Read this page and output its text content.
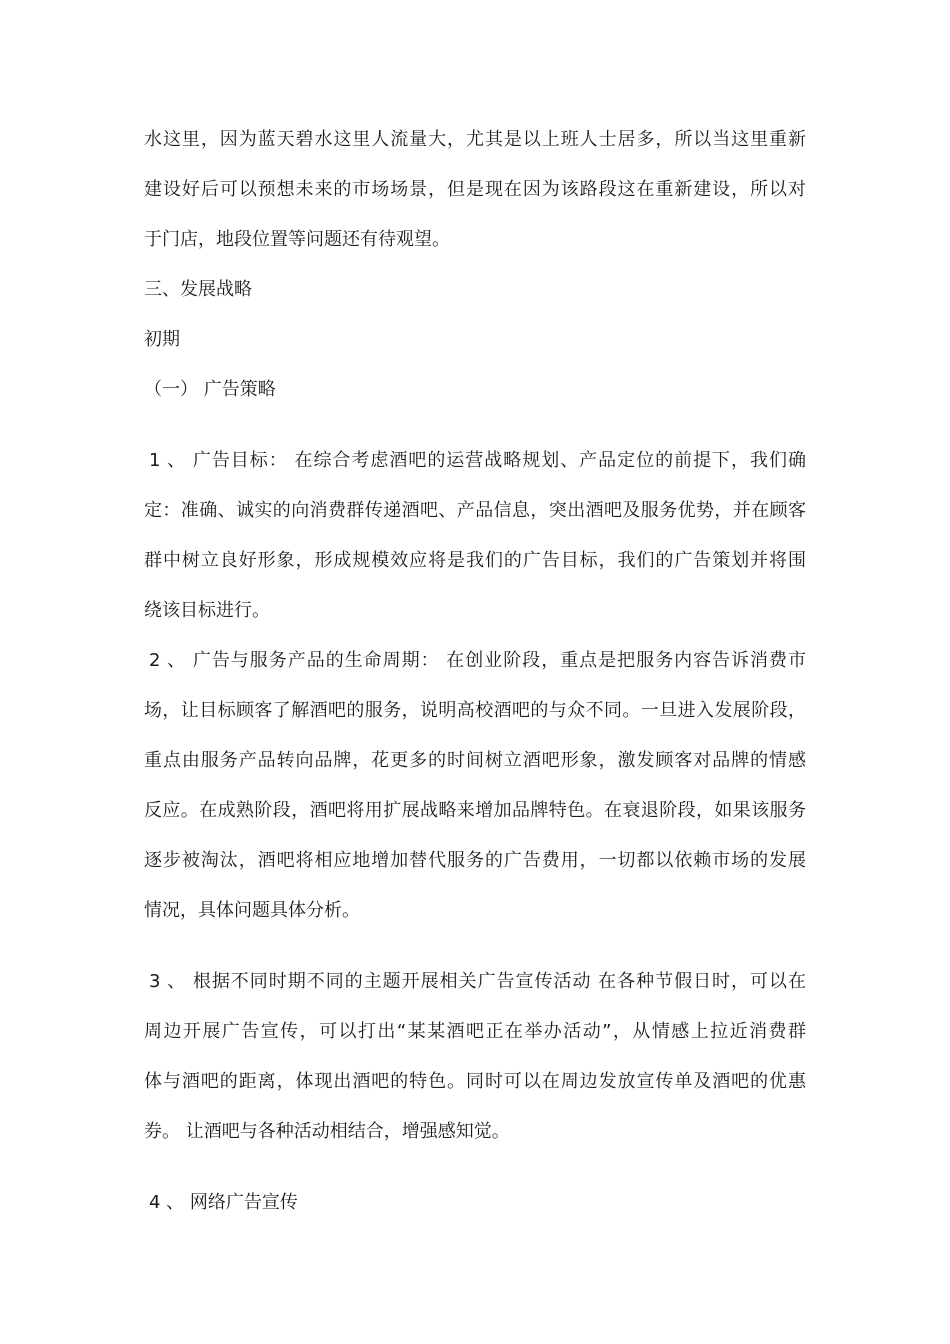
水这里，因为蓝天碧水这里人流量大，尤其是以上班人士居多，所以当这里重新
建设好后可以预想未来的市场场景，但是现在因为该路段这在重新建设，所以对
于门店，地段位置等问题还有待观望。
三、发展战略
初期
（一） 广告策略
1 、 广告目标： 在综合考虑酒吧的运营战略规划、产品定位的前提下，我们确
定：准确、诚实的向消费群传递酒吧、产品信息，突出酒吧及服务优势，并在顾客
群中树立良好形象，形成规模效应将是我们的广告目标，我们的广告策划并将围
绕该目标进行。
2 、 广告与服务产品的生命周期： 在创业阶段，重点是把服务内容告诉消费市
场，让目标顾客了解酒吧的服务，说明高校酒吧的与众不同。一旦进入发展阶段，
重点由服务产品转向品牌，花更多的时间树立酒吧形象，激发顾客对品牌的情感
反应。在成熟阶段，酒吧将用扩展战略来增加品牌特色。在衰退阶段，如果该服务
逐步被淘汰，酒吧将相应地增加替代服务的广告费用，一切都以依赖市场的发展
情况，具体问题具体分析。
3 、 根据不同时期不同的主题开展相关广告宣传活动 在各种节假日时，可以在
周边开展广告宣传，可以打出“某某酒吧正在举办活动”，从情感上拉近消费群
体与酒吧的距离，体现出酒吧的特色。同时可以在周边发放宣传单及酒吧的优惠
券。 让酒吧与各种活动相结合，增强感知觉。
4 、 网络广告宣传
